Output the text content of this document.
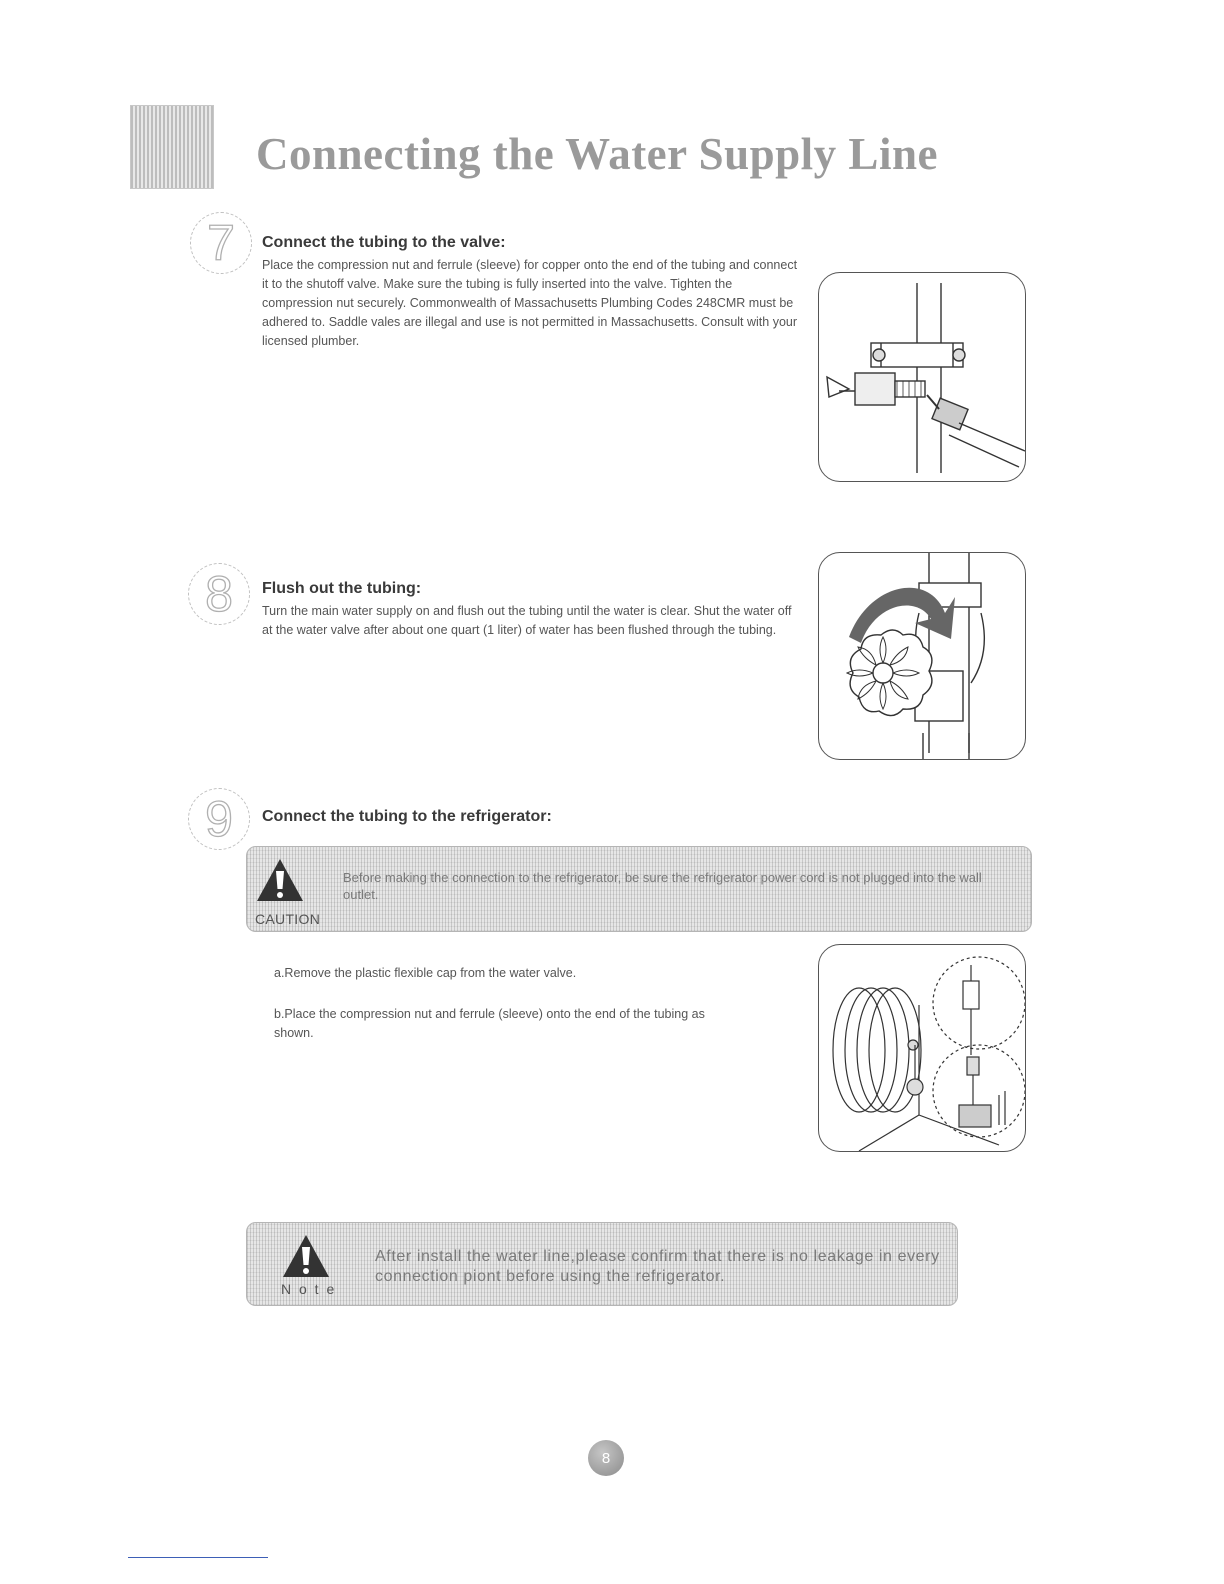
Connecting the Water Supply Line
7	Connect the tubing to the valve:

Place the compression nut and ferrule (sleeve) for copper onto the end of the tubing and connect it to the shutoff valve. Make sure the tubing is fully inserted into the valve. Tighten the compression nut securely. Commonwealth of Massachusetts Plumbing Codes 248CMR must be adhered to. Saddle vales are illegal and use is not permitted in Massachusetts. Consult with your licensed plumber.

8	Flush out the tubing:

Turn the main water supply on and flush out the tubing until the water is clear. Shut the water off at the water valve after about one quart (1 liter) of water has been flushed through the tubing.

9	Connect the tubing to the refrigerator:
CAUTION

Before making the connection to the refrigerator, be sure the refrigerator power cord is not plugged into the wall outlet.

a.Remove the plastic flexible cap from the water valve.

b.Place the compression nut and ferrule (sleeve) onto the end of the tubing as shown.

N o t e

After install the water line,please confirm that there is no leakage in every connection piont before using the refrigerator.

8
